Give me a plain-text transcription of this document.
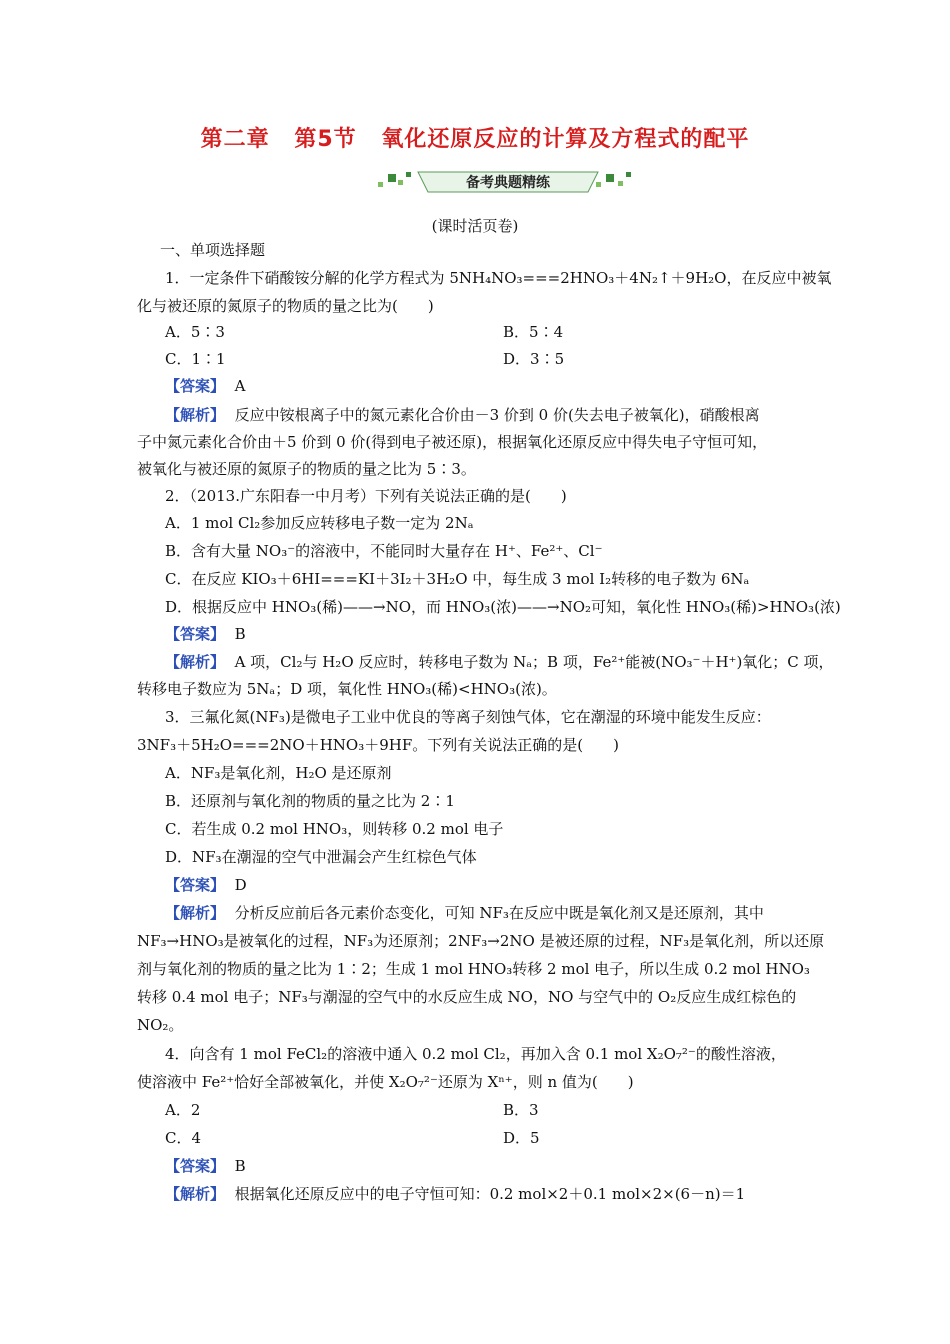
第二章 第5节 氧化还原反应的计算及方程式的配平
备考典题精练
(课时活页卷)
一、单项选择题
1．一定条件下硝酸铵分解的化学方程式为 5NH₄NO₃===2HNO₃＋4N₂↑＋9H₂O，在反应中被氧
化与被还原的氮原子的物质的量之比为(　　)
A．5∶3	B．5∶4
C．1∶1	D．3∶5
【答案】 A
【解析】 反应中铵根离子中的氮元素化合价由－3 价到 0 价(失去电子被氧化)，硝酸根离
子中氮元素化合价由＋5 价到 0 价(得到电子被还原)，根据氧化还原反应中得失电子守恒可知，
被氧化与被还原的氮原子的物质的量之比为 5∶3。
2．（2013.广东阳春一中月考）下列有关说法正确的是(　　)
A．1 mol Cl₂参加反应转移电子数一定为 2Nₐ
B．含有大量 NO₃⁻的溶液中，不能同时大量存在 H⁺、Fe²⁺、Cl⁻
C．在反应 KIO₃＋6HI===KI＋3I₂＋3H₂O 中，每生成 3 mol I₂转移的电子数为 6Nₐ
D．根据反应中 HNO₃(稀)——→NO，而 HNO₃(浓)——→NO₂可知，氧化性 HNO₃(稀)>HNO₃(浓)
【答案】 B
【解析】 A 项，Cl₂与 H₂O 反应时，转移电子数为 Nₐ；B 项，Fe²⁺能被(NO₃⁻＋H⁺)氧化；C 项，
转移电子数应为 5Nₐ；D 项，氧化性 HNO₃(稀)<HNO₃(浓)。
3．三氟化氮(NF₃)是微电子工业中优良的等离子刻蚀气体，它在潮湿的环境中能发生反应：
3NF₃＋5H₂O===2NO＋HNO₃＋9HF。下列有关说法正确的是(　　)
A．NF₃是氧化剂，H₂O 是还原剂
B．还原剂与氧化剂的物质的量之比为 2∶1
C．若生成 0.2 mol HNO₃，则转移 0.2 mol 电子
D．NF₃在潮湿的空气中泄漏会产生红棕色气体
【答案】 D
【解析】 分析反应前后各元素价态变化，可知 NF₃在反应中既是氧化剂又是还原剂，其中
NF₃→HNO₃是被氧化的过程，NF₃为还原剂；2NF₃→2NO 是被还原的过程，NF₃是氧化剂，所以还原
剂与氧化剂的物质的量之比为 1∶2；生成 1 mol HNO₃转移 2 mol 电子，所以生成 0.2 mol HNO₃
转移 0.4 mol 电子；NF₃与潮湿的空气中的水反应生成 NO，NO 与空气中的 O₂反应生成红棕色的
NO₂。
4．向含有 1 mol FeCl₂的溶液中通入 0.2 mol Cl₂，再加入含 0.1 mol X₂O₇²⁻的酸性溶液，
使溶液中 Fe²⁺恰好全部被氧化，并使 X₂O₇²⁻还原为 Xⁿ⁺，则 n 值为(　　)
A．2	B．3
C．4	D．5
【答案】 B
【解析】 根据氧化还原反应中的电子守恒可知：0.2 mol×2＋0.1 mol×2×(6－n)＝1
